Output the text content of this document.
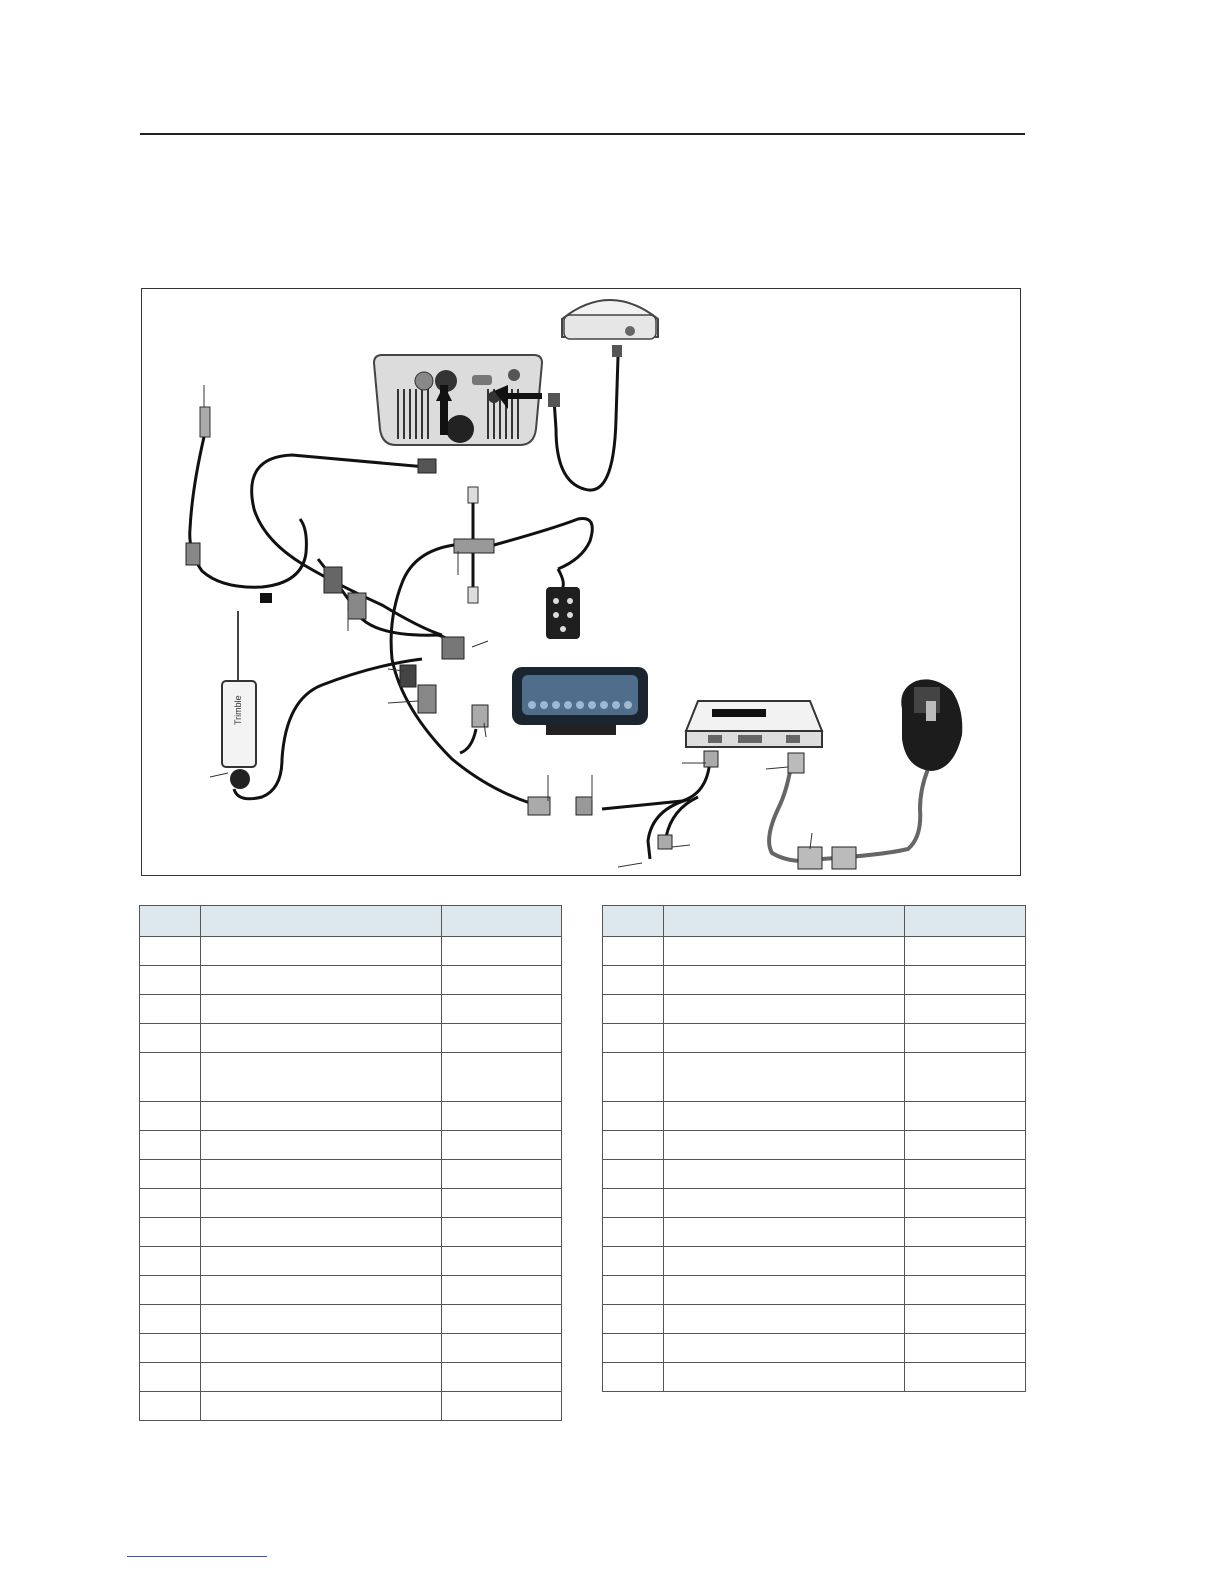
Trimble
